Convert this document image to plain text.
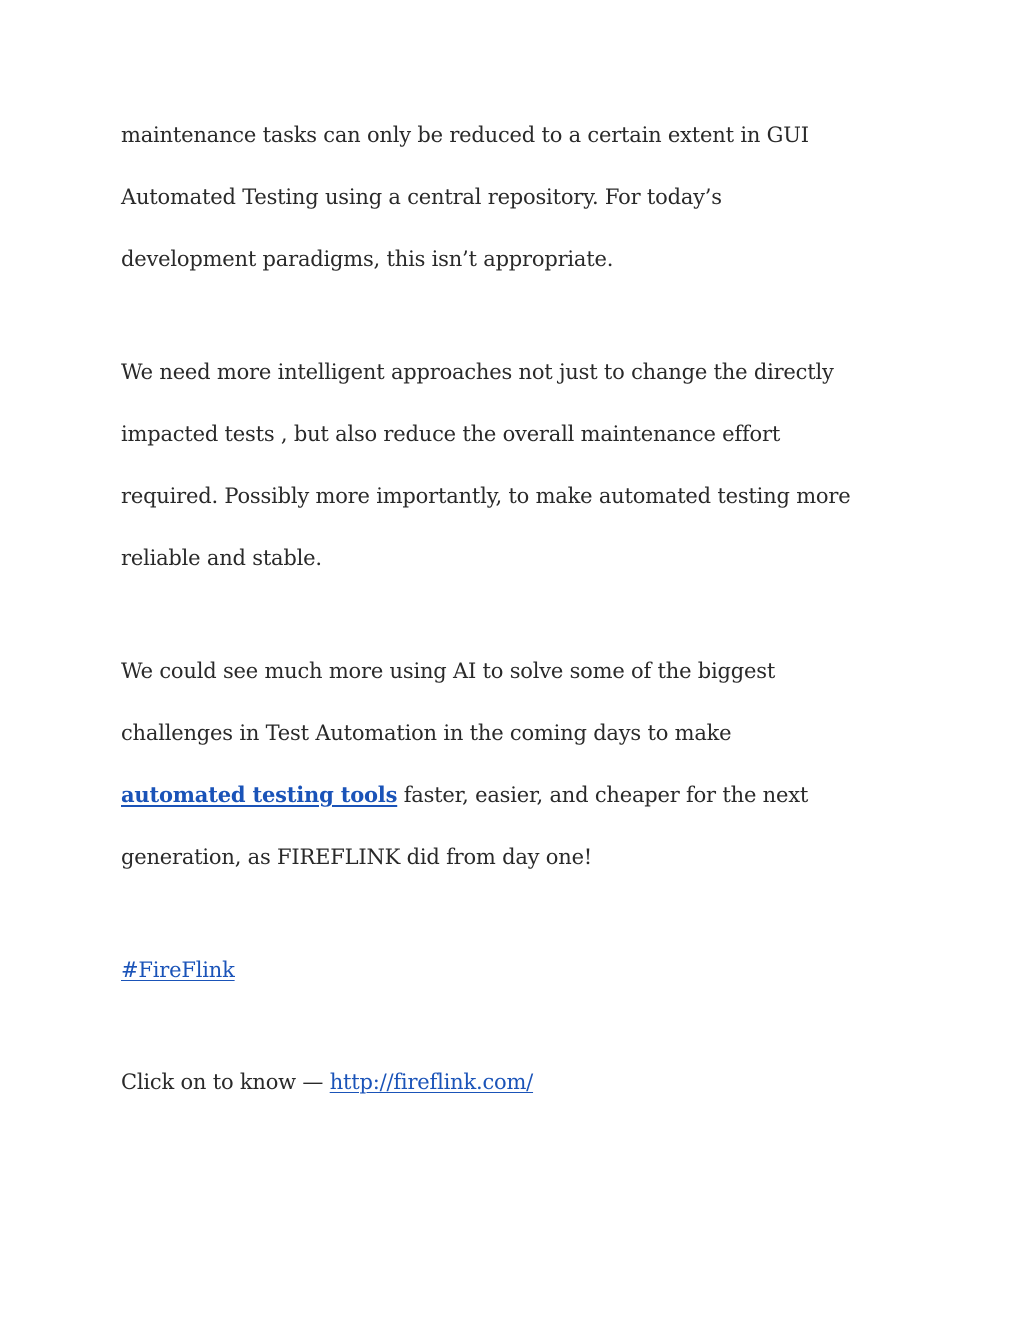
maintenance tasks can only be reduced to a certain extent in GUI
Automated Testing using a central repository. For today’s
development paradigms, this isn’t appropriate.
We need more intelligent approaches not just to change the directly
impacted tests , but also reduce the overall maintenance effort
required. Possibly more importantly, to make automated testing more
reliable and stable.
We could see much more using AI to solve some of the biggest
challenges in Test Automation in the coming days to make
automated testing tools faster, easier, and cheaper for the next
generation, as FIREFLINK did from day one!
#FireFlink
Click on to know — http://fireflink.com/
